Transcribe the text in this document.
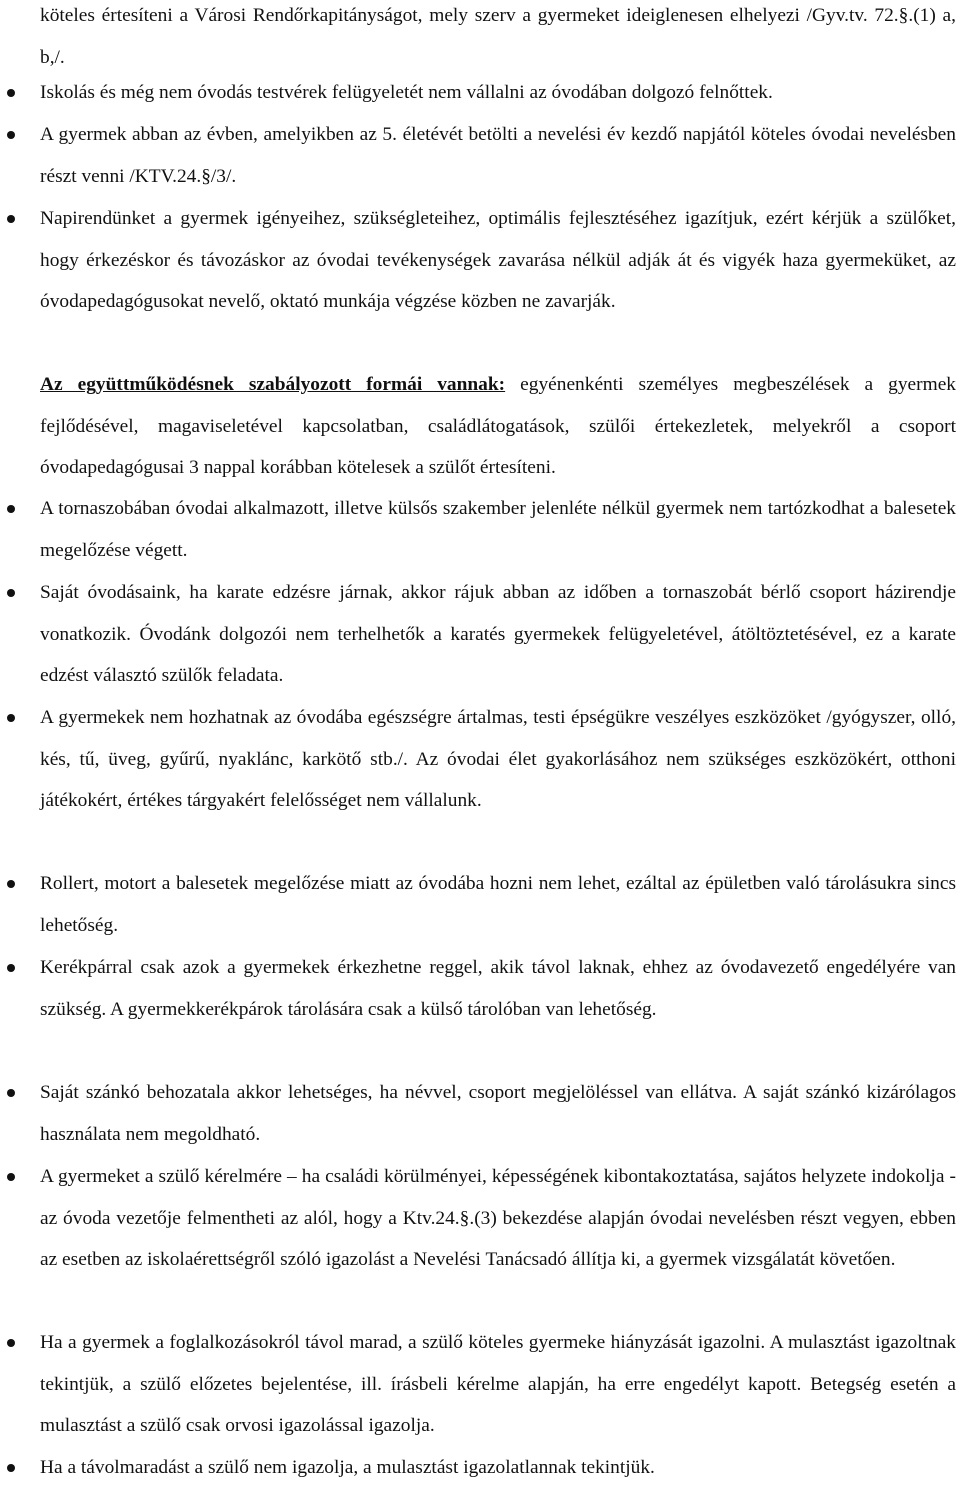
köteles értesíteni a Városi Rendőrkapitányságot, mely szerv a gyermeket ideiglenesen elhelyezi /Gyv.tv. 72.§.(1) a, b,/.
Iskolás és még nem óvodás testvérek felügyeletét nem vállalni az óvodában dolgozó felnőttek.
A gyermek abban az évben, amelyikben az 5. életévét betölti a nevelési év kezdő napjától köteles óvodai nevelésben részt venni /KTV.24.§/3/.
Napirendünket a gyermek igényeihez, szükségleteihez, optimális fejlesztéséhez igazítjuk, ezért kérjük a szülőket, hogy érkezéskor és távozáskor az óvodai tevékenységek zavarása nélkül adják át és vigyék haza gyermeküket, az óvodapedagógusokat nevelő, oktató munkája végzése közben ne zavarják.
Az együttműködésnek szabályozott formái vannak: egyénenkénti személyes megbeszélések a gyermek fejlődésével, magaviseletével kapcsolatban, családlátogatások, szülői értekezletek, melyekről a csoport óvodapedagógusai 3 nappal korábban kötelesek a szülőt értesíteni.
A tornaszobában óvodai alkalmazott, illetve külsős szakember jelenléte nélkül gyermek nem tartózkodhat a balesetek megelőzése végett.
Saját óvodásaink, ha karate edzésre járnak, akkor rájuk abban az időben a tornaszobát bérlő csoport házirendje vonatkozik. Óvodánk dolgozói nem terhelhetők a karatés gyermekek felügyeletével, átöltöztetésével, ez a karate edzést választó szülők feladata.
A gyermekek nem hozhatnak az óvodába egészségre ártalmas, testi épségükre veszélyes eszközöket /gyógyszer, olló, kés, tű, üveg, gyűrű, nyaklánc, karkötő stb./. Az óvodai élet gyakorlásához nem szükséges eszközökért, otthoni játékokért, értékes tárgyakért felelősséget nem vállalunk.
Rollert, motort a balesetek megelőzése miatt az óvodába hozni nem lehet, ezáltal az épületben való tárolásukra sincs lehetőség.
Kerékpárral csak azok a gyermekek érkezhetne reggel, akik távol laknak, ehhez az óvodavezető engedélyére van szükség. A gyermekkerékpárok tárolására csak a külső tárolóban van lehetőség.
Saját szánkó behozatala akkor lehetséges, ha névvel, csoport megjelöléssel van ellátva. A saját szánkó kizárólagos használata nem megoldható.
A gyermeket a szülő kérelmére – ha családi körülményei, képességének kibontakoztatása, sajátos helyzete indokolja - az óvoda vezetője felmentheti az alól, hogy a Ktv.24.§.(3) bekezdése alapján óvodai nevelésben részt vegyen, ebben az esetben az iskolaérettségről szóló igazolást a Nevelési Tanácsadó állítja ki, a gyermek vizsgálatát követően.
Ha a gyermek a foglalkozásokról távol marad, a szülő köteles gyermeke hiányzását igazolni. A mulasztást igazoltnak tekintjük, a szülő előzetes bejelentése, ill. írásbeli kérelme alapján, ha erre engedélyt kapott. Betegség esetén a mulasztást a szülő csak orvosi igazolással igazolja.
Ha a távolmaradást a szülő nem igazolja, a mulasztást igazolatlannak tekintjük.
